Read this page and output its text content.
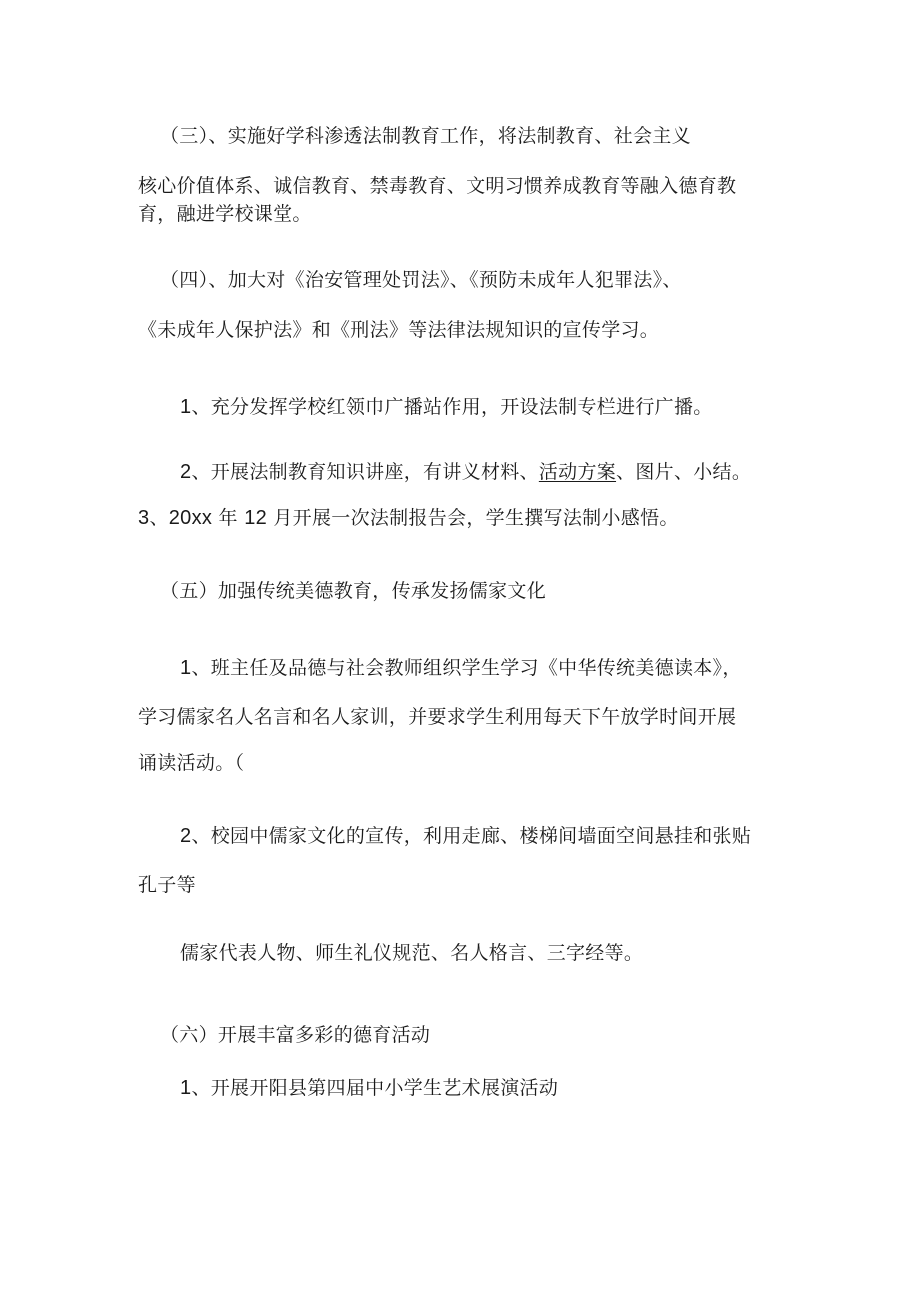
（三）、实施好学科渗透法制教育工作，将法制教育、社会主义
核心价值体系、诚信教育、禁毒教育、文明习惯养成教育等融入德育教
育，融进学校课堂。
（四）、加大对《治安管理处罚法》、《预防未成年人犯罪法》、
《未成年人保护法》和《刑法》等法律法规知识的宣传学习。
1、充分发挥学校红领巾广播站作用，开设法制专栏进行广播。
2、开展法制教育知识讲座，有讲义材料、活动方案、图片、小结。
3、20xx 年 12 月开展一次法制报告会，学生撰写法制小感悟。
（五）加强传统美德教育，传承发扬儒家文化
1、班主任及品德与社会教师组织学生学习《中华传统美德读本》，
学习儒家名人名言和名人家训，并要求学生利用每天下午放学时间开展
诵读活动。（
2、校园中儒家文化的宣传，利用走廊、楼梯间墙面空间悬挂和张贴
孔子等
儒家代表人物、师生礼仪规范、名人格言、三字经等。
（六）开展丰富多彩的德育活动
1、开展开阳县第四届中小学生艺术展演活动
